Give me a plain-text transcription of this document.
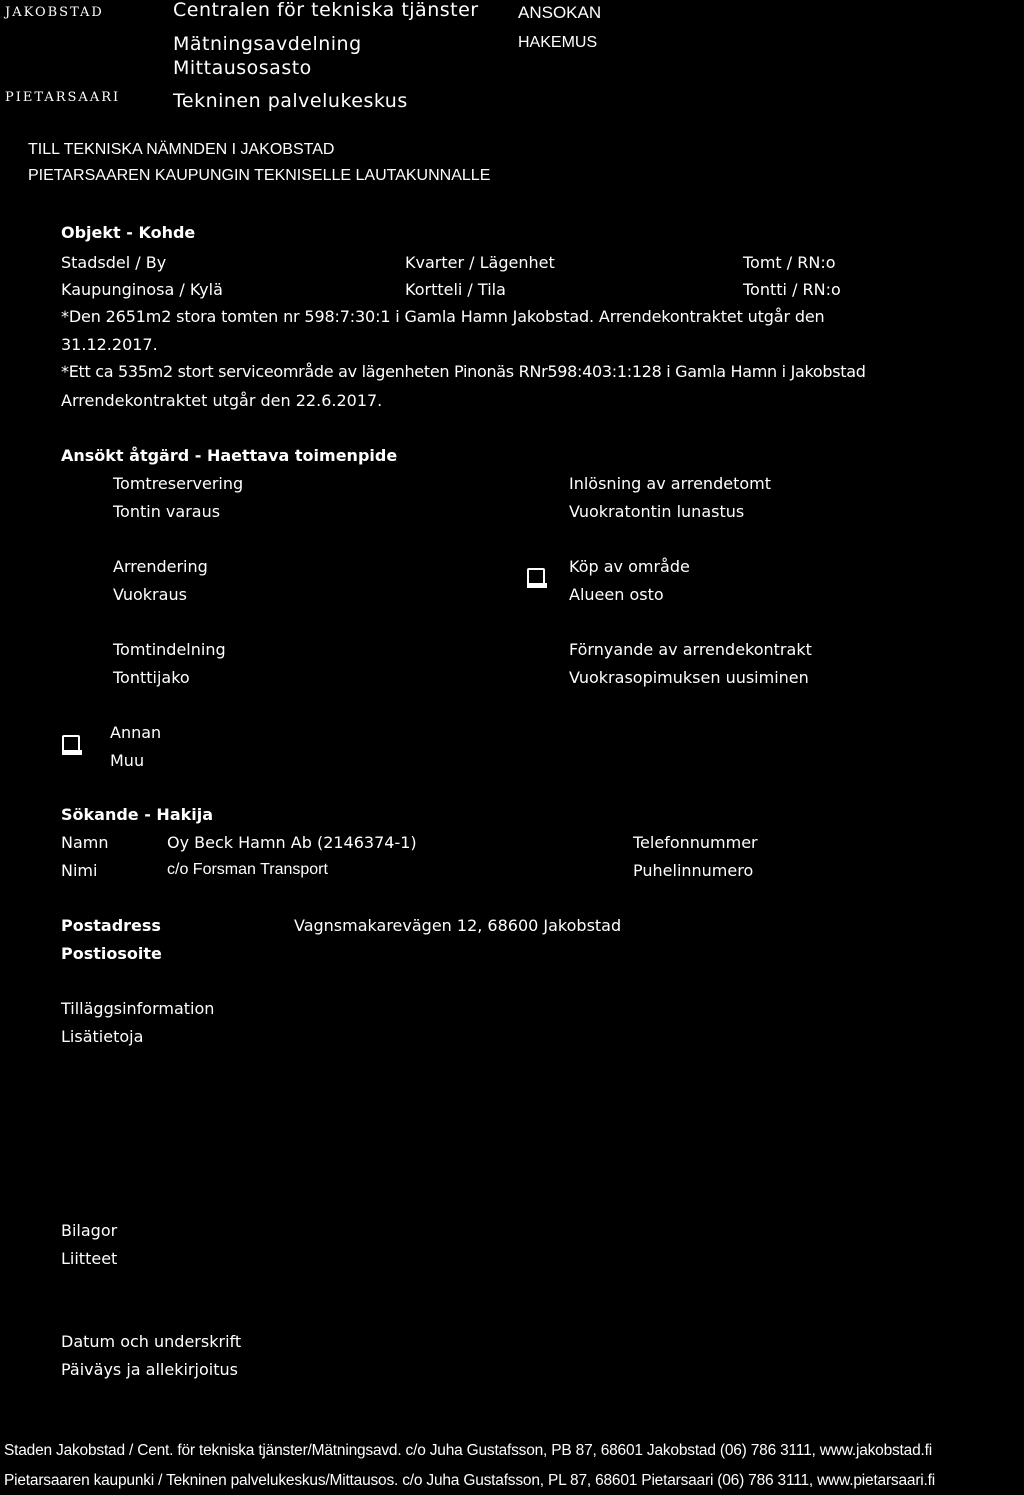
JAKOBSTAD
PIETARSAARI
Centralen för tekniska tjänster
Mätningsavdelning
Mittausosasto
Tekninen palvelukeskus
ANSOKAN
HAKEMUS
TILL TEKNISKA NÄMNDEN I JAKOBSTAD
PIETARSAAREN KAUPUNGIN TEKNISELLE LAUTAKUNNALLE
Objekt - Kohde
Stadsdel / By
Kaupunginosa / Kylä
Kvarter / Lägenhet
Kortteli / Tila
Tomt / RN:o
Tontti / RN:o
*Den 2651m2 stora tomten nr 598:7:30:1 i Gamla Hamn Jakobstad. Arrendekontraktet utgår den
31.12.2017.
*Ett ca 535m2 stort serviceområde av lägenheten Pinonäs RNr598:403:1:128 i Gamla Hamn i Jakobstad
Arrendekontraktet utgår den 22.6.2017.
Ansökt åtgärd - Haettava toimenpide
Tomtreservering
Tontin varaus
Inlösning av arrendetomt
Vuokratontin lunastus
Arrendering
Vuokraus
Köp av område
Alueen osto
Tomtindelning
Tonttijako
Förnyande av arrendekontrakt
Vuokrasopimuksen uusiminen
Annan
Muu
Sökande - Hakija
Namn
Nimi
Oy Beck Hamn Ab (2146374-1)
c/o Forsman Transport
Telefonnummer
Puhelinnumero
Postadress
Postiosoite
Vagnsmakarevägen 12, 68600 Jakobstad
Tilläggsinformation
Lisätietoja
Bilagor
Liitteet
Datum och underskrift
Päiväys ja allekirjoitus
Staden Jakobstad / Cent. för tekniska tjänster/Mätningsavd. c/o Juha Gustafsson, PB 87, 68601 Jakobstad (06) 786 3111, www.jakobstad.fi
Pietarsaaren kaupunki / Tekninen palvelukeskus/Mittausos. c/o Juha Gustafsson, PL 87, 68601 Pietarsaari (06) 786 3111, www.pietarsaari.fi
